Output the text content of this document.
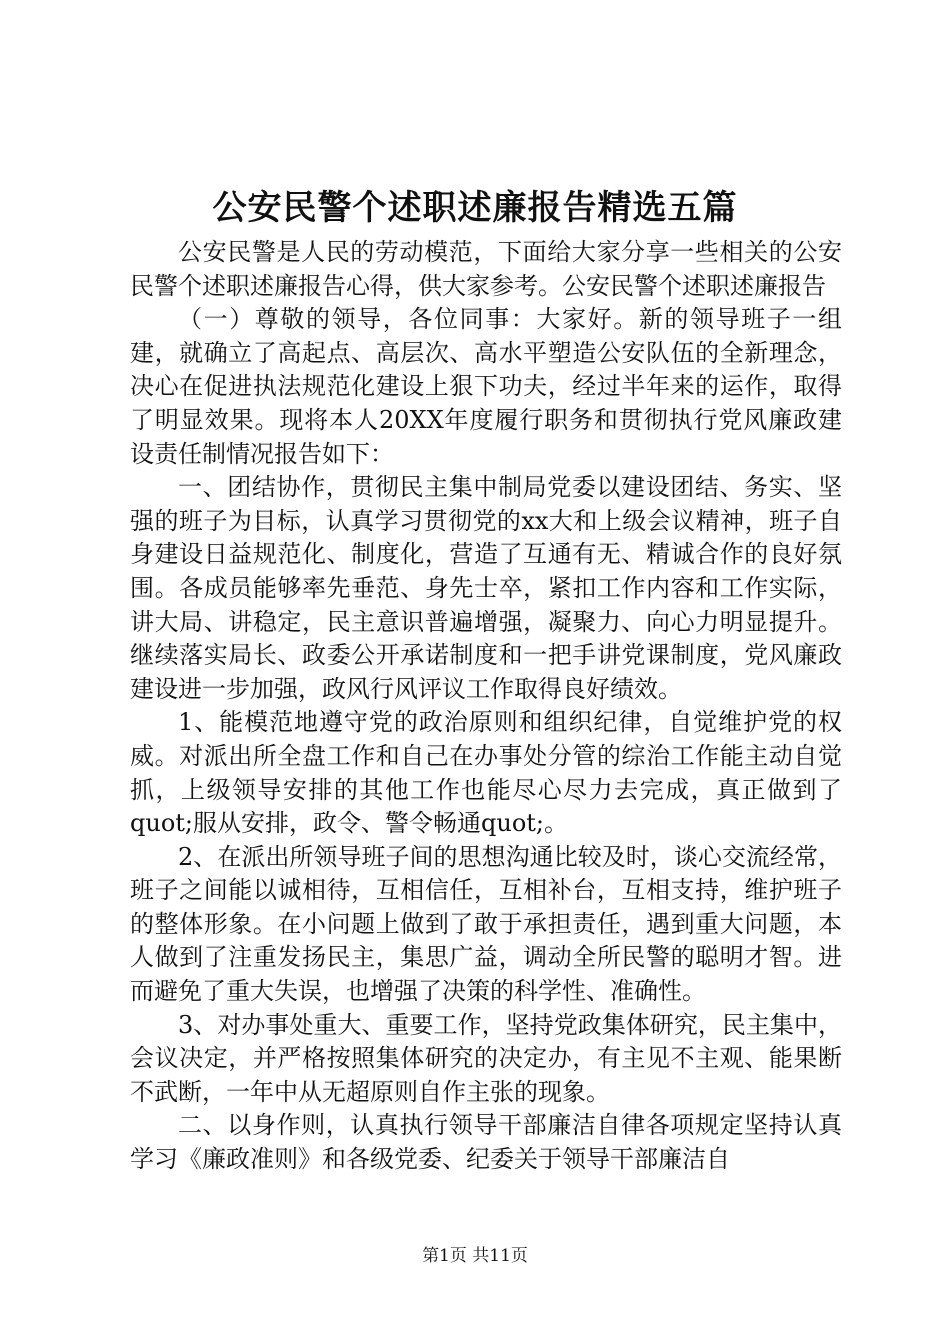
公安民警个述职述廉报告精选五篇

公安民警是人民的劳动模范，下面给大家分享一些相关的公安民警个述职述廉报告心得，供大家参考。公安民警个述职述廉报告

（一）尊敬的领导，各位同事：大家好。新的领导班子一组建，就确立了高起点、高层次、高水平塑造公安队伍的全新理念，决心在促进执法规范化建设上狠下功夫，经过半年来的运作，取得了明显效果。现将本人20XX年度履行职务和贯彻执行党风廉政建设责任制情况报告如下：

一、团结协作，贯彻民主集中制局党委以建设团结、务实、坚强的班子为目标，认真学习贯彻党的xx大和上级会议精神，班子自身建设日益规范化、制度化，营造了互通有无、精诚合作的良好氛围。各成员能够率先垂范、身先士卒，紧扣工作内容和工作实际，讲大局、讲稳定，民主意识普遍增强，凝聚力、向心力明显提升。继续落实局长、政委公开承诺制度和一把手讲党课制度，党风廉政建设进一步加强，政风行风评议工作取得良好绩效。

1、能模范地遵守党的政治原则和组织纪律，自觉维护党的权威。对派出所全盘工作和自己在办事处分管的综治工作能主动自觉抓，上级领导安排的其他工作也能尽心尽力去完成，真正做到了quot;服从安排，政令、警令畅通quot;。

2、在派出所领导班子间的思想沟通比较及时，谈心交流经常，班子之间能以诚相待，互相信任，互相补台，互相支持，维护班子的整体形象。在小问题上做到了敢于承担责任，遇到重大问题，本人做到了注重发扬民主，集思广益，调动全所民警的聪明才智。进而避免了重大失误，也增强了决策的科学性、准确性。

3、对办事处重大、重要工作，坚持党政集体研究，民主集中，会议决定，并严格按照集体研究的决定办，有主见不主观、能果断不武断，一年中从无超原则自作主张的现象。

二、以身作则，认真执行领导干部廉洁自律各项规定坚持认真学习《廉政准则》和各级党委、纪委关于领导干部廉洁自

第1页 共11页
